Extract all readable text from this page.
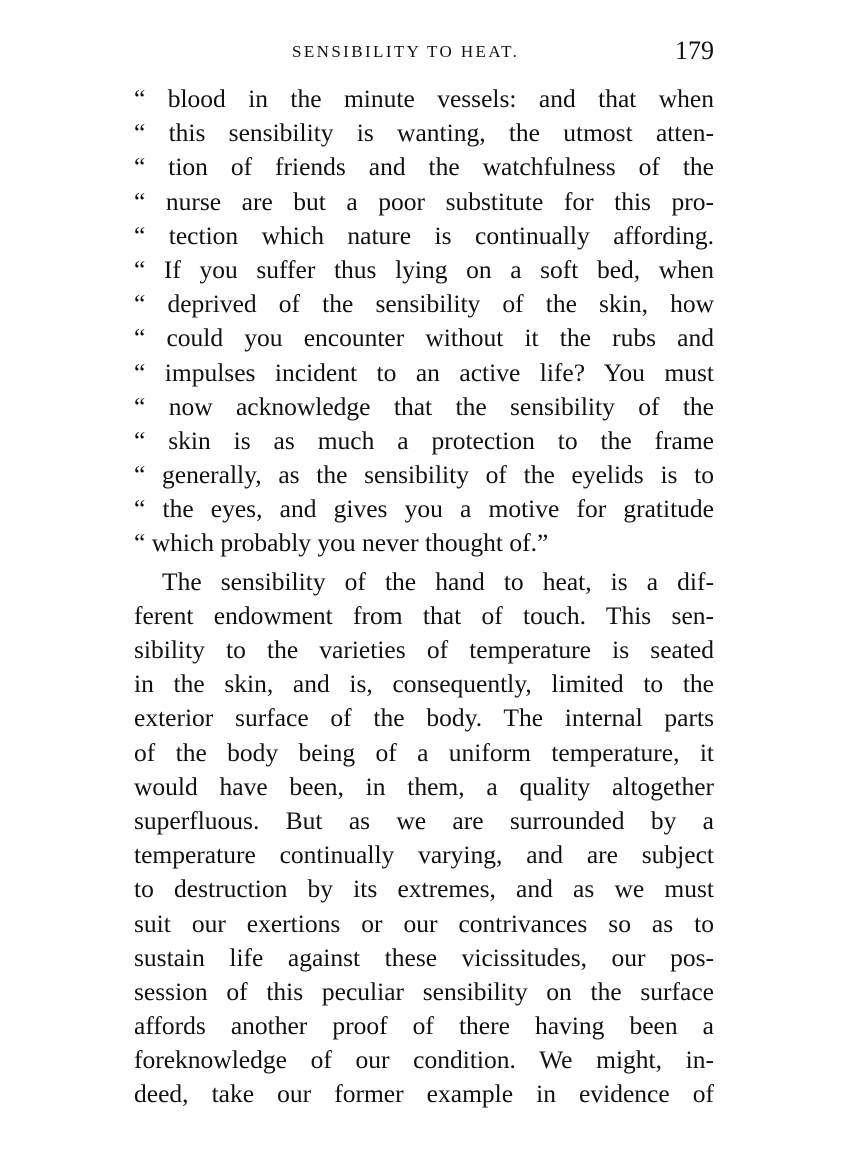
SENSIBILITY TO HEAT.	179
“ blood in the minute vessels: and that when
“ this sensibility is wanting, the utmost atten-
“ tion of friends and the watchfulness of the
“ nurse are but a poor substitute for this pro-
“ tection which nature is continually affording.
“ If you suffer thus lying on a soft bed, when
“ deprived of the sensibility of the skin, how
“ could you encounter without it the rubs and
“ impulses incident to an active life? You must
“ now acknowledge that the sensibility of the
“ skin is as much a protection to the frame
“ generally, as the sensibility of the eyelids is to
“ the eyes, and gives you a motive for gratitude
“ which probably you never thought of.”
The sensibility of the hand to heat, is a dif-
ferent endowment from that of touch. This sen-
sibility to the varieties of temperature is seated
in the skin, and is, consequently, limited to the
exterior surface of the body. The internal parts
of the body being of a uniform temperature, it
would have been, in them, a quality altogether
superfluous. But as we are surrounded by a
temperature continually varying, and are subject
to destruction by its extremes, and as we must
suit our exertions or our contrivances so as to
sustain life against these vicissitudes, our pos-
session of this peculiar sensibility on the surface
affords another proof of there having been a
foreknowledge of our condition. We might, in-
deed, take our former example in evidence of
